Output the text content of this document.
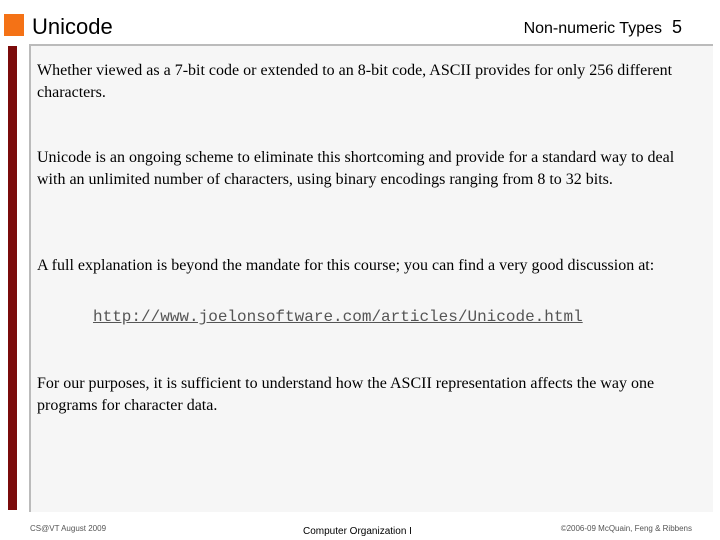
Unicode	Non-numeric Types 5

Whether viewed as a 7-bit code or extended to an 8-bit code, ASCII provides for only 256 different characters.

Unicode is an ongoing scheme to eliminate this shortcoming and provide for a standard way to deal with an unlimited number of characters, using binary encodings ranging from 8 to 32 bits.

A full explanation is beyond the mandate for this course; you can find a very good discussion at:

http://www.joelonsoftware.com/articles/Unicode.html

For our purposes, it is sufficient to understand how the ASCII representation affects the way one programs for character data.

CS@VT August 2009	Computer Organization I	©2006-09 McQuain, Feng & Ribbens
